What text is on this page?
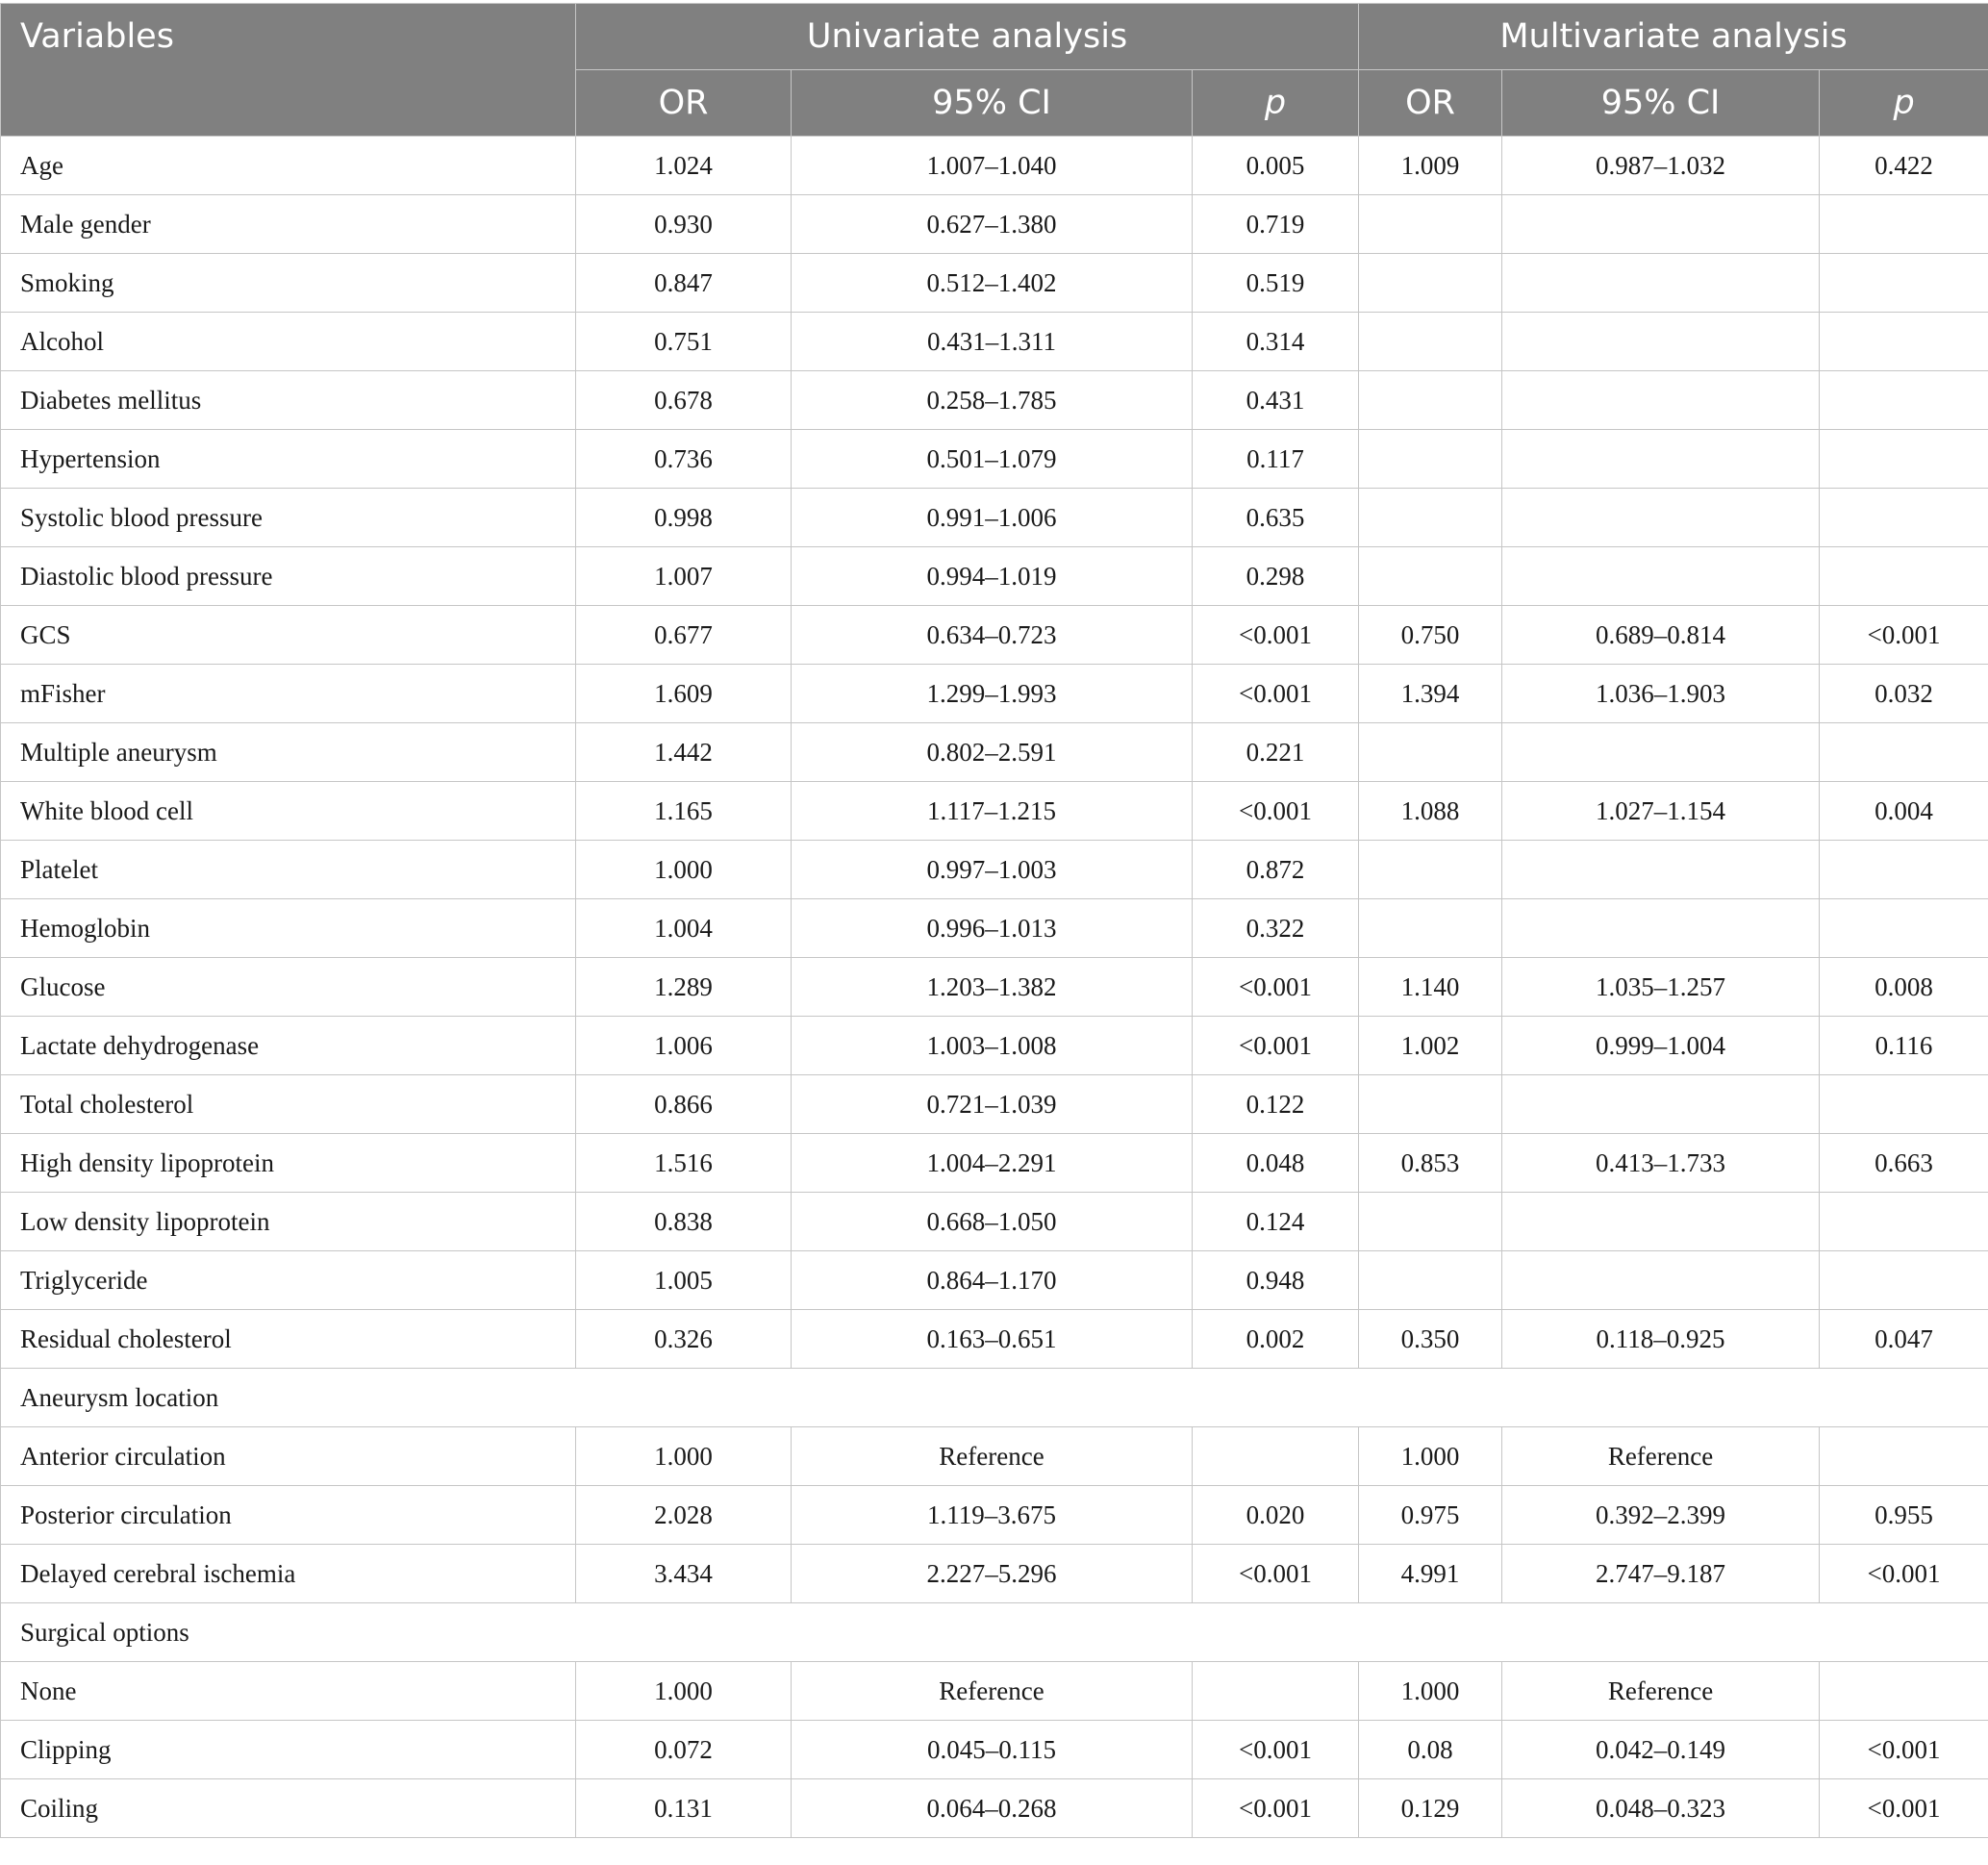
Variables	Univariate analysis			Multivariate analysis		
	OR	95% CI	p	OR	95% CI	p
Age	1.024	1.007–1.040	0.005	1.009	0.987–1.032	0.422
Male gender	0.930	0.627–1.380	0.719			
Smoking	0.847	0.512–1.402	0.519			
Alcohol	0.751	0.431–1.311	0.314			
Diabetes mellitus	0.678	0.258–1.785	0.431			
Hypertension	0.736	0.501–1.079	0.117			
Systolic blood pressure	0.998	0.991–1.006	0.635			
Diastolic blood pressure	1.007	0.994–1.019	0.298			
GCS	0.677	0.634–0.723	<0.001	0.750	0.689–0.814	<0.001
mFisher	1.609	1.299–1.993	<0.001	1.394	1.036–1.903	0.032
Multiple aneurysm	1.442	0.802–2.591	0.221			
White blood cell	1.165	1.117–1.215	<0.001	1.088	1.027–1.154	0.004
Platelet	1.000	0.997–1.003	0.872			
Hemoglobin	1.004	0.996–1.013	0.322			
Glucose	1.289	1.203–1.382	<0.001	1.140	1.035–1.257	0.008
Lactate dehydrogenase	1.006	1.003–1.008	<0.001	1.002	0.999–1.004	0.116
Total cholesterol	0.866	0.721–1.039	0.122			
High density lipoprotein	1.516	1.004–2.291	0.048	0.853	0.413–1.733	0.663
Low density lipoprotein	0.838	0.668–1.050	0.124			
Triglyceride	1.005	0.864–1.170	0.948			
Residual cholesterol	0.326	0.163–0.651	0.002	0.350	0.118–0.925	0.047
Aneurysm location						
Anterior circulation	1.000	Reference		1.000	Reference	
Posterior circulation	2.028	1.119–3.675	0.020	0.975	0.392–2.399	0.955
Delayed cerebral ischemia	3.434	2.227–5.296	<0.001	4.991	2.747–9.187	<0.001
Surgical options						
None	1.000	Reference		1.000	Reference	
Clipping	0.072	0.045–0.115	<0.001	0.08	0.042–0.149	<0.001
Coiling	0.131	0.064–0.268	<0.001	0.129	0.048–0.323	<0.001
